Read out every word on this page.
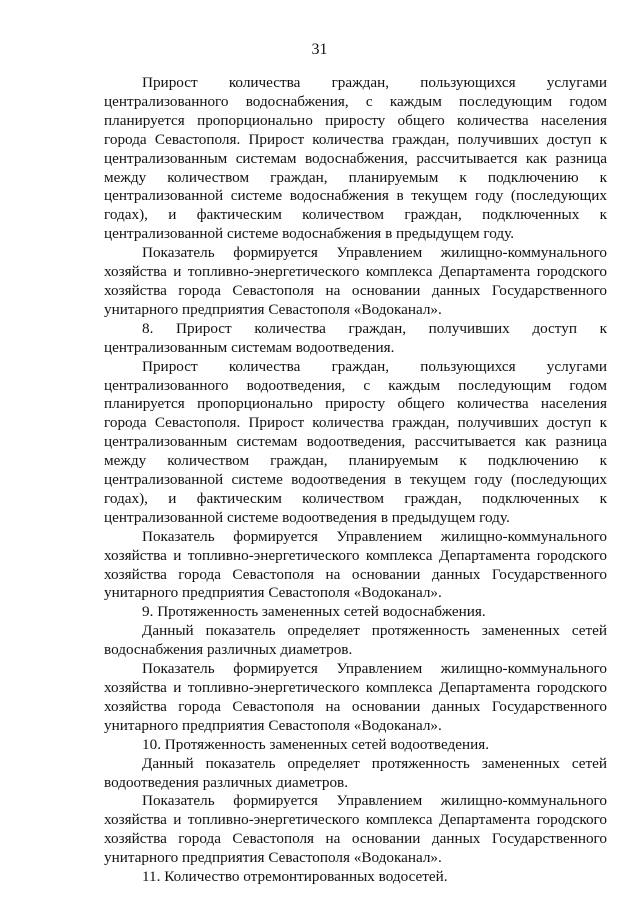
31

Прирост количества граждан, пользующихся услугами централизованного водоснабжения, с каждым последующим годом планируется пропорционально приросту общего количества населения города Севастополя. Прирост количества граждан, получивших доступ к централизованным системам водоснабжения, рассчитывается как разница между количеством граждан, планируемым к подключению к централизованной системе водоснабжения в текущем году (последующих годах), и фактическим количеством граждан, подключенных к централизованной системе водоснабжения в предыдущем году.

Показатель формируется Управлением жилищно-коммунального хозяйства и топливно-энергетического комплекса Департамента городского хозяйства города Севастополя на основании данных Государственного унитарного предприятия Севастополя «Водоканал».

8. Прирост количества граждан, получивших доступ к централизованным системам водоотведения.

Прирост количества граждан, пользующихся услугами централизованного водоотведения, с каждым последующим годом планируется пропорционально приросту общего количества населения города Севастополя. Прирост количества граждан, получивших доступ к централизованным системам водоотведения, рассчитывается как разница между количеством граждан, планируемым к подключению к централизованной системе водоотведения в текущем году (последующих годах), и фактическим количеством граждан, подключенных к централизованной системе водоотведения в предыдущем году.

Показатель формируется Управлением жилищно-коммунального хозяйства и топливно-энергетического комплекса Департамента городского хозяйства города Севастополя на основании данных Государственного унитарного предприятия Севастополя «Водоканал».

9. Протяженность замененных сетей водоснабжения.

Данный показатель определяет протяженность замененных сетей водоснабжения различных диаметров.

Показатель формируется Управлением жилищно-коммунального хозяйства и топливно-энергетического комплекса Департамента городского хозяйства города Севастополя на основании данных Государственного унитарного предприятия Севастополя «Водоканал».

10. Протяженность замененных сетей водоотведения.

Данный показатель определяет протяженность замененных сетей водоотведения различных диаметров.

Показатель формируется Управлением жилищно-коммунального хозяйства и топливно-энергетического комплекса Департамента городского хозяйства города Севастополя на основании данных Государственного унитарного предприятия Севастополя «Водоканал».

11. Количество отремонтированных водосетей.
